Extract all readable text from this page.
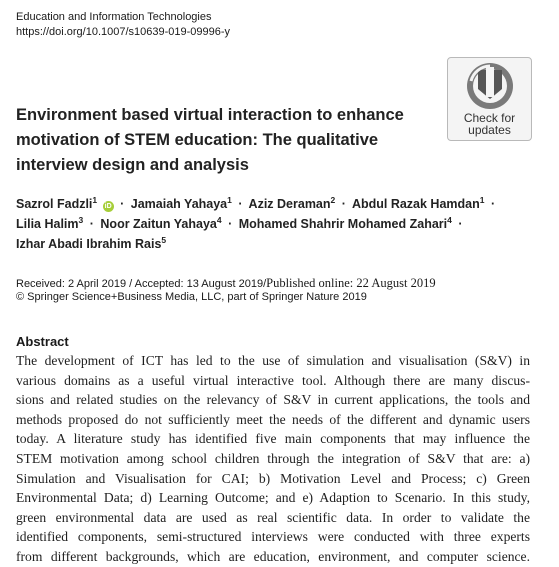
Education and Information Technologies
https://doi.org/10.1007/s10639-019-09996-y
Check for
updates
Environment based virtual interaction to enhance
motivation of STEM education: The qualitative
interview design and analysis
Sazrol Fadzli$^1$ iD · Jamaiah Yahaya$^1$ · Aziz Deraman$^2$ · Abdul Razak Hamdan$^1$ ·
Lilia Halim$^3$ · Noor Zaitun Yahaya$^4$ · Mohamed Shahrir Mohamed Zahari$^4$ ·
Izhar Abadi Ibrahim Rais$^5$
Received: 2 April 2019 / Accepted: 13 August 2019/Published online: 22 August 2019
© Springer Science+Business Media, LLC, part of Springer Nature 2019
Abstract
The development of ICT has led to the use of simulation and visualisation (S&V) in
various domains as a useful virtual interactive tool. Although there are many discus-
sions and related studies on the relevancy of S&V in current applications, the tools and
methods proposed do not sufficiently meet the needs of the different and dynamic users
today. A literature study has identified five main components that may influence the
STEM motivation among school children through the integration of S&V that are: a)
Simulation and Visualisation for CAI; b) Motivation Level and Process; c) Green
Environmental Data; d) Learning Outcome; and e) Adaption to Scenario. In this study,
green environmental data are used as real scientific data. In order to validate the
identified components, semi-structured interviews were conducted with three experts
from different backgrounds, which are education, environment, and computer science.
